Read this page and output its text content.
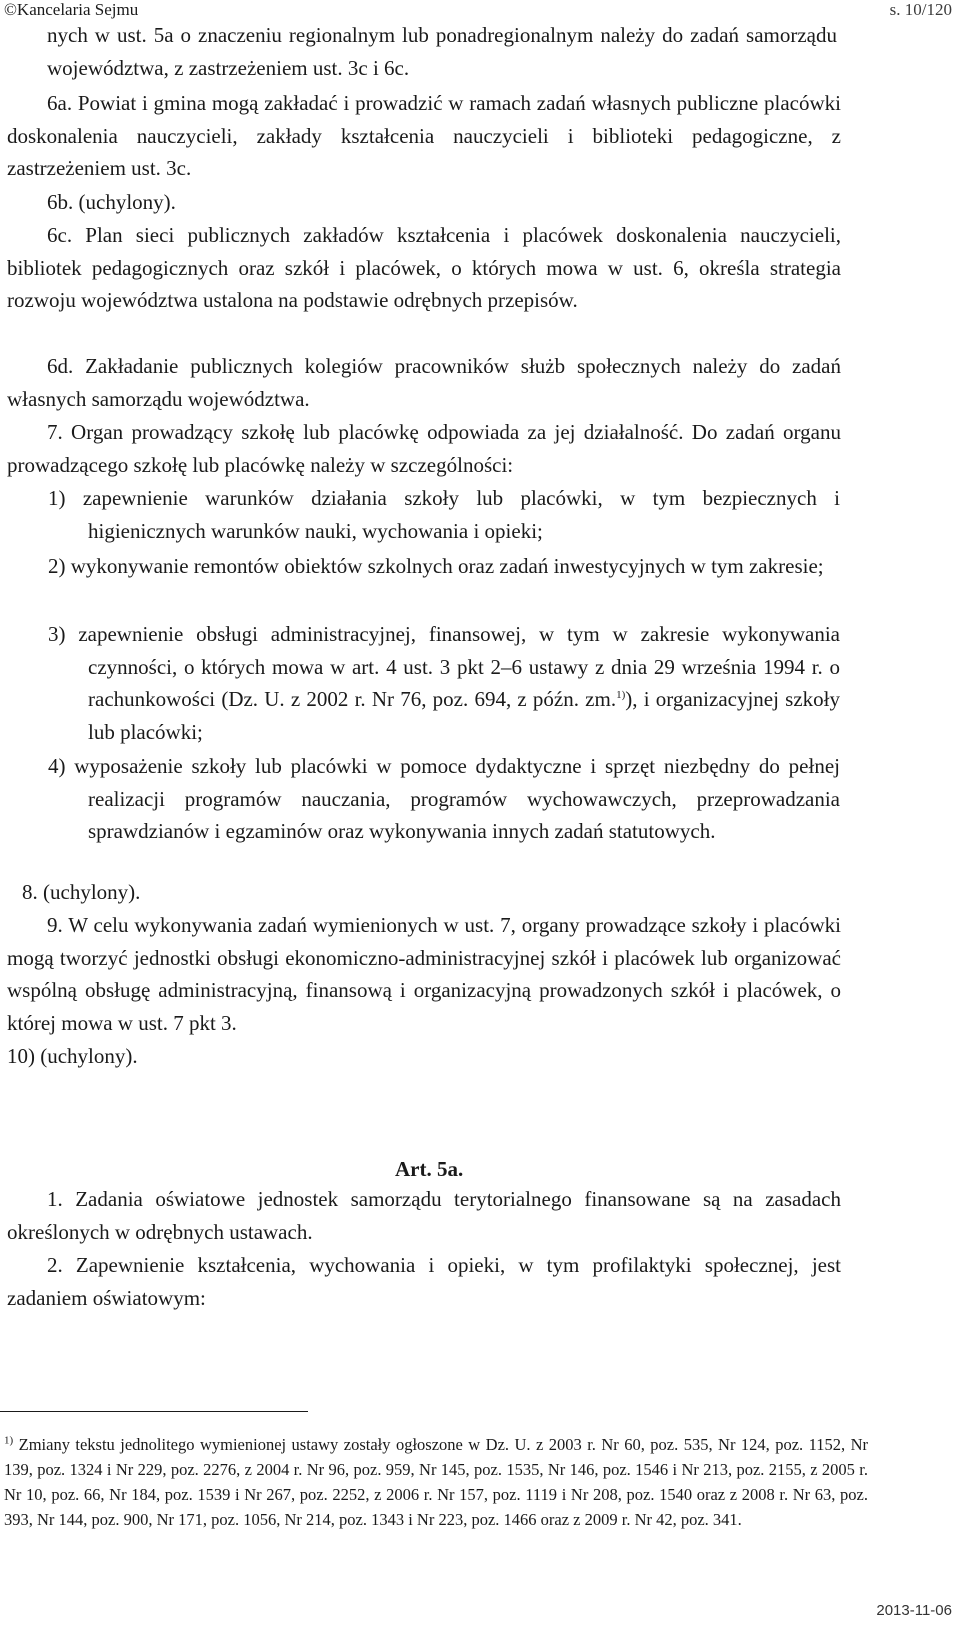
©Kancelaria Sejmu	s. 10/120

nych w ust. 5a o znaczeniu regionalnym lub ponadregionalnym należy do zadań samorządu województwa, z zastrzeżeniem ust. 3c i 6c.

6a. Powiat i gmina mogą zakładać i prowadzić w ramach zadań własnych publiczne placówki doskonalenia nauczycieli, zakłady kształcenia nauczycieli i biblioteki pedagogiczne, z zastrzeżeniem ust. 3c.

6b. (uchylony).

6c. Plan sieci publicznych zakładów kształcenia i placówek doskonalenia nauczycieli, bibliotek pedagogicznych oraz szkół i placówek, o których mowa w ust. 6, określa strategia rozwoju województwa ustalona na podstawie odrębnych przepisów.

6d. Zakładanie publicznych kolegiów pracowników służb społecznych należy do zadań własnych samorządu województwa.

7. Organ prowadzący szkołę lub placówkę odpowiada za jej działalność. Do zadań organu prowadzącego szkołę lub placówkę należy w szczególności:

1) zapewnienie warunków działania szkoły lub placówki, w tym bezpiecznych i higienicznych warunków nauki, wychowania i opieki;

2) wykonywanie remontów obiektów szkolnych oraz zadań inwestycyjnych w tym zakresie;

3) zapewnienie obsługi administracyjnej, finansowej, w tym w zakresie wykonywania czynności, o których mowa w art. 4 ust. 3 pkt 2–6 ustawy z dnia 29 września 1994 r. o rachunkowości (Dz. U. z 2002 r. Nr 76, poz. 694, z późn. zm.$^{1)}$), i organizacyjnej szkoły lub placówki;

4) wyposażenie szkoły lub placówki w pomoce dydaktyczne i sprzęt niezbędny do pełnej realizacji programów nauczania, programów wychowawczych, przeprowadzania sprawdzianów i egzaminów oraz wykonywania innych zadań statutowych.

8. (uchylony).

9. W celu wykonywania zadań wymienionych w ust. 7, organy prowadzące szkoły i placówki mogą tworzyć jednostki obsługi ekonomiczno-administracyjnej szkół i placówek lub organizować wspólną obsługę administracyjną, finansową i organizacyjną prowadzonych szkół i placówek, o której mowa w ust. 7 pkt 3.

10) (uchylony).

1. Zadania oświatowe jednostek samorządu terytorialnego finansowane są na zasadach określonych w odrębnych ustawach.

2. Zapewnienie kształcenia, wychowania i opieki, w tym profilaktyki społecznej, jest zadaniem oświatowym:

Art. 5a.
$^{1)}$ Zmiany tekstu jednolitego wymienionej ustawy zostały ogłoszone w Dz. U. z 2003 r. Nr 60, poz. 535, Nr 124, poz. 1152, Nr 139, poz. 1324 i Nr 229, poz. 2276, z 2004 r. Nr 96, poz. 959, Nr 145, poz. 1535, Nr 146, poz. 1546 i Nr 213, poz. 2155, z 2005 r. Nr 10, poz. 66, Nr 184, poz. 1539 i Nr 267, poz. 2252, z 2006 r. Nr 157, poz. 1119 i Nr 208, poz. 1540 oraz z 2008 r. Nr 63, poz. 393, Nr 144, poz. 900, Nr 171, poz. 1056, Nr 214, poz. 1343 i Nr 223, poz. 1466 oraz z 2009 r. Nr 42, poz. 341.
2013-11-06
